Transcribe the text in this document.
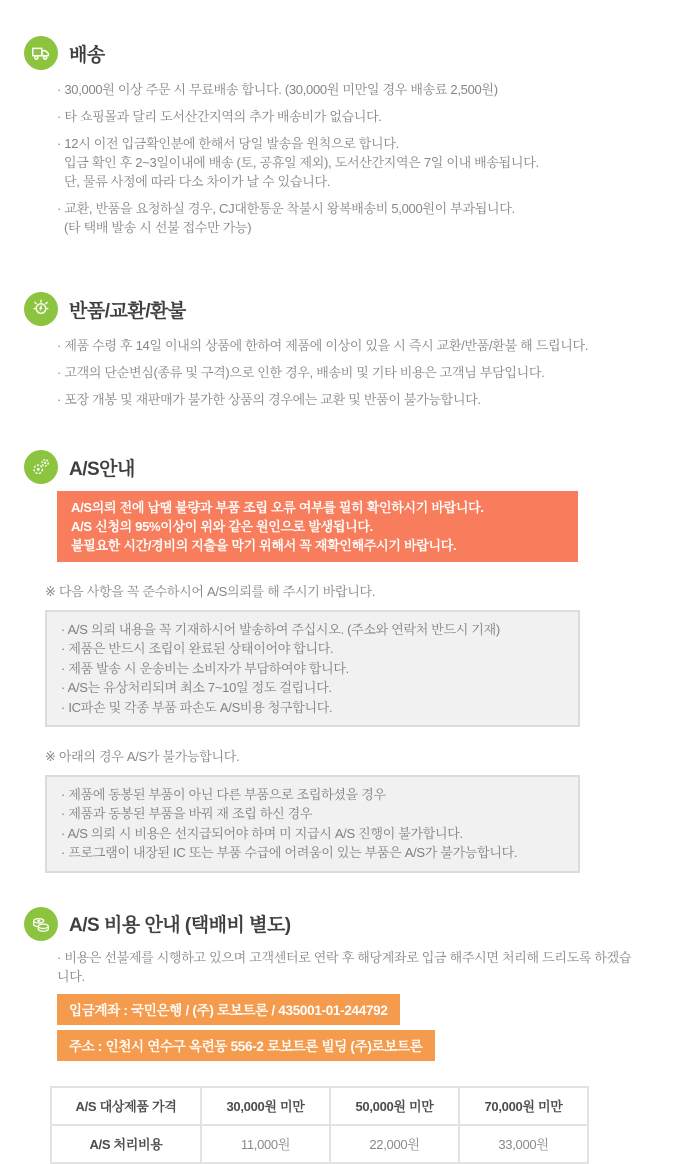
배송

· 30,000원 이상 주문 시 무료배송 합니다. (30,000원 미만일 경우 배송료 2,500원)

· 타 쇼핑몰과 달리 도서산간지역의 추가 배송비가 없습니다.

· 12시 이전 입금확인분에 한해서 당일 발송을 원칙으로 합니다.

입금 확인 후 2~3일이내에 배송 (토, 공휴일 제외), 도서산간지역은 7일 이내 배송됩니다.

단, 물류 사정에 따라 다소 차이가 날 수 있습니다.

· 교환, 반품을 요청하실 경우, CJ대한통운 착불시 왕복배송비 5,000원이 부과됩니다.

(타 택배 발송 시 선불 접수만 가능)

반품/교환/환불

· 제품 수령 후 14일 이내의 상품에 한하여 제품에 이상이 있을 시 즉시 교환/반품/환불 해 드립니다.

· 고객의 단순변심(종류 및 구격)으로 인한 경우, 배송비 및 기타 비용은 고객님 부담입니다.

· 포장 개봉 및 재판매가 불가한 상품의 경우에는 교환 및 반품이 불가능합니다.

A/S안내
A/S의뢰 전에 납땜 불량과 부품 조립 오류 여부를 필히 확인하시기 바랍니다.
A/S 신청의 95%이상이 위와 같은 원인으로 발생됩니다.
불필요한 시간/경비의 지출을 막기 위해서 꼭 재확인해주시기 바랍니다.

※ 다음 사항을 꼭 준수하시어 A/S의뢰를 해 주시기 바랍니다.

· A/S 의뢰 내용을 꼭 기재하시어 발송하여 주십시오. (주소와 연락처 반드시 기재)

· 제품은 반드시 조립이 완료된 상태이어야 합니다.

· 제품 발송 시 운송비는 소비자가 부담하여야 합니다.

· A/S는 유상처리되며 최소 7~10일 정도 걸립니다.

· IC파손 및 각종 부품 파손도 A/S비용 청구합니다.

※ 아래의 경우 A/S가 불가능합니다.

· 제품에 동봉된 부품이 아닌 다른 부품으로 조립하셨을 경우

· 제품과 동봉된 부품을 바꿔 재 조립 하신 경우

· A/S 의뢰 시 비용은 선지급되어야 하며 미 지급시 A/S 진행이 불가합니다.

· 프로그램이 내장된 IC 또는 부품 수급에 어려움이 있는 부품은 A/S가 불가능합니다.

A/S 비용 안내 (택배비 별도)

· 비용은 선불제를 시행하고 있으며 고객센터로 연락 후 해당계좌로 입금 해주시면 처리해 드리도록 하겠습니다.

입금계좌 : 국민은행 / (주) 로보트론 / 435001-01-244792
주소 : 인천시 연수구 옥련동 556-2 로보트론 빌딩 (주)로보트론
A/S 대상제품 가격	30,000원 미만	50,000원 미만	70,000원 미만
A/S 처리비용	11,000원	22,000원	33,000원
